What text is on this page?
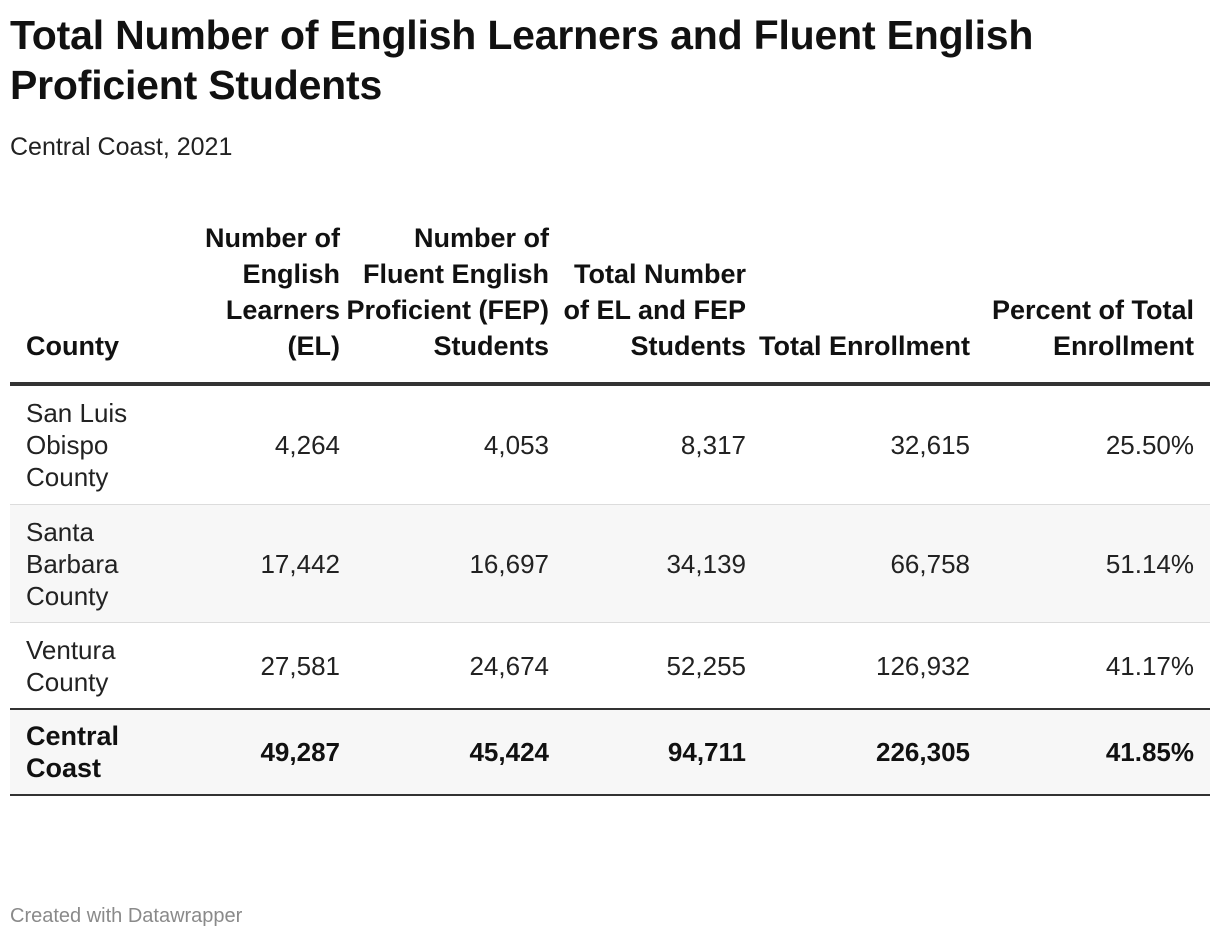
Total Number of English Learners and Fluent English Proficient Students
Central Coast, 2021
County	Number of English Learners (EL)	Number of Fluent English Proficient (FEP) Students	Total Number of EL and FEP Students	Total Enrollment	Percent of Total Enrollment
San Luis Obispo County	4,264	4,053	8,317	32,615	25.50%
Santa Barbara County	17,442	16,697	34,139	66,758	51.14%
Ventura County	27,581	24,674	52,255	126,932	41.17%
Central Coast	49,287	45,424	94,711	226,305	41.85%
Created with Datawrapper
